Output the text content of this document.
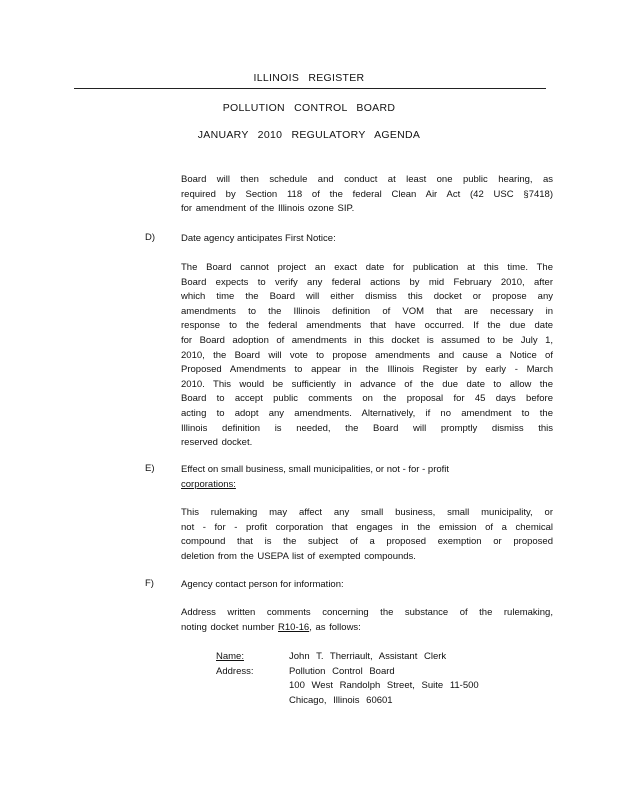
ILLINOIS REGISTER
POLLUTION CONTROL BOARD
JANUARY 2010 REGULATORY AGENDA
Board will then schedule and conduct at least one public hearing, as
required by Section 118 of the federal Clean Air Act (42 USC §7418)
for amendment of the Illinois ozone SIP.
D)	Date agency anticipates First Notice:
The Board cannot project an exact date for publication at this time. The
Board expects to verify any federal actions by mid February 2010, after
which time the Board will either dismiss this docket or propose any
amendments to the Illinois definition of VOM that are necessary in
response to the federal amendments that have occurred. If the due date
for Board adoption of amendments in this docket is assumed to be July 1,
2010, the Board will vote to propose amendments and cause a Notice of
Proposed Amendments to appear in the Illinois Register by early - March
2010. This would be sufficiently in advance of the due date to allow the
Board to accept public comments on the proposal for 45 days before
acting to adopt any amendments. Alternatively, if no amendment to the
Illinois definition is needed, the Board will promptly dismiss this
reserved docket.
E)	Effect on small business, small municipalities, or not - for - profit
corporations:
This rulemaking may affect any small business, small municipality, or
not - for - profit corporation that engages in the emission of a chemical
compound that is the subject of a proposed exemption or proposed
deletion from the USEPA list of exempted compounds.
F)	Agency contact person for information:
Address written comments concerning the substance of the rulemaking,
noting docket number R10-16, as follows:
Name:	John T. Therriault, Assistant Clerk
Address:	Pollution Control Board
	100 West Randolph Street, Suite 11-500
	Chicago, Illinois 60601
